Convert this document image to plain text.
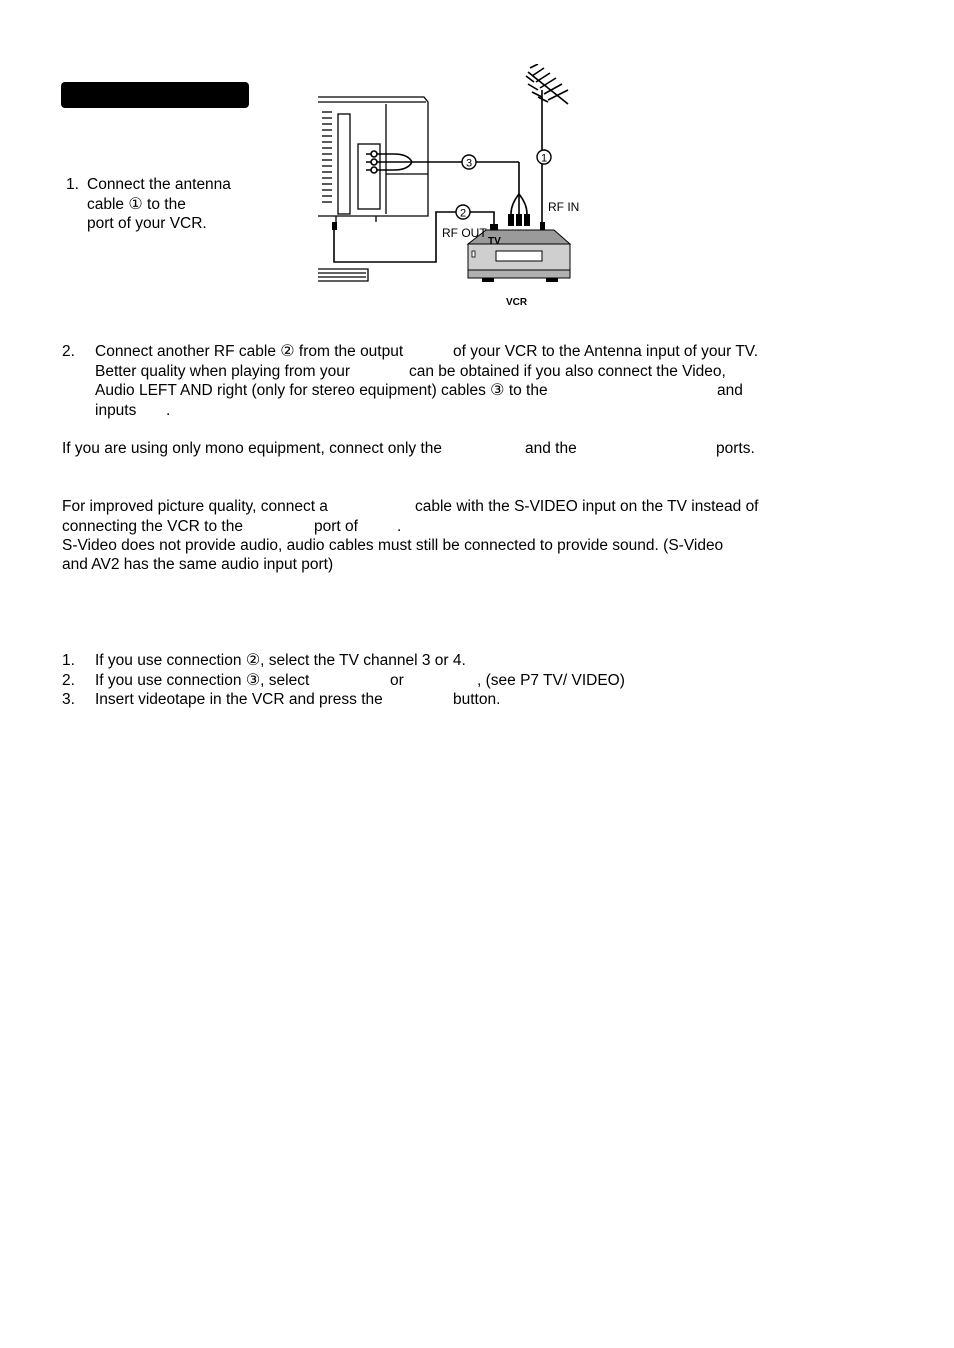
1. Connect the antenna
cable ① to the
port of your VCR.
1
2
3
RF IN
RF OUT
TV
VCR
2. Connect another RF cable ② from the output	of your VCR to the Antenna input of your TV.
Better quality when playing from your	can be obtained if you also connect the Video,
Audio LEFT AND right (only for stereo equipment) cables ③ to the	and
inputs .
If you are using only mono equipment, connect only the	and the	ports.
For improved picture quality, connect a	cable with the S-VIDEO input on the TV instead of
connecting the VCR to the	port of	.
S-Video does not provide audio, audio cables must still be connected to provide sound. (S-Video
and AV2 has the same audio input port)
1. If you use connection ②, select the TV channel 3 or 4.
2. If you use connection ③, select	or	, (see P7 TV/ VIDEO)
3. Insert videotape in the VCR and press the	button.
